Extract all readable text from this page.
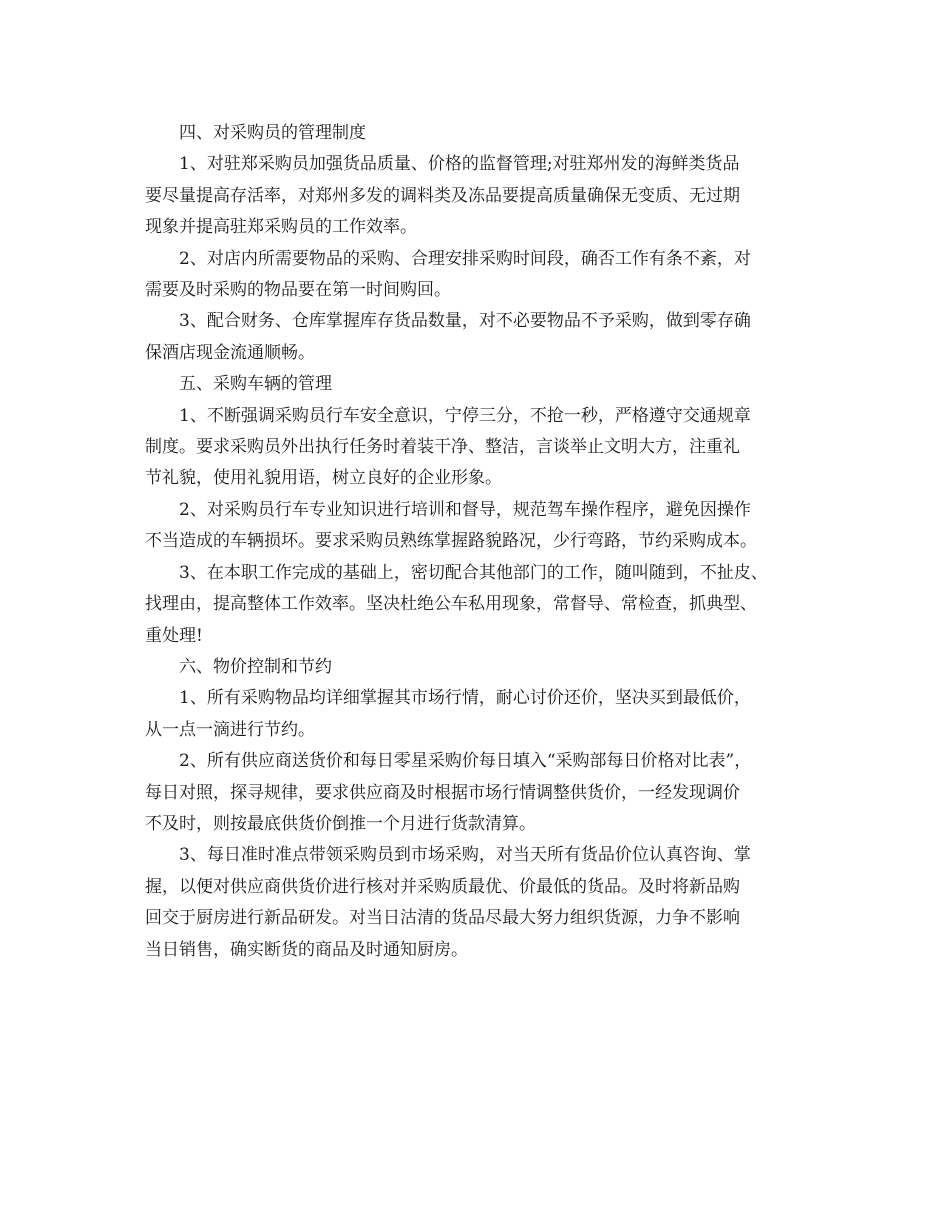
四、对采购员的管理制度

1、对驻郑采购员加强货品质量、价格的监督管理;对驻郑州发的海鲜类货品
要尽量提高存活率，对郑州多发的调料类及冻品要提高质量确保无变质、无过期
现象并提高驻郑采购员的工作效率。

2、对店内所需要物品的采购、合理安排采购时间段，确否工作有条不紊，对
需要及时采购的物品要在第一时间购回。

3、配合财务、仓库掌握库存货品数量，对不必要物品不予采购，做到零存确
保酒店现金流通顺畅。

五、采购车辆的管理

1、不断强调采购员行车安全意识，宁停三分，不抢一秒，严格遵守交通规章
制度。要求采购员外出执行任务时着装干净、整洁，言谈举止文明大方，注重礼
节礼貌，使用礼貌用语，树立良好的企业形象。

2、对采购员行车专业知识进行培训和督导，规范驾车操作程序，避免因操作
不当造成的车辆损坏。要求采购员熟练掌握路貌路况，少行弯路，节约采购成本。

3、在本职工作完成的基础上，密切配合其他部门的工作，随叫随到，不扯皮、
找理由，提高整体工作效率。坚决杜绝公车私用现象，常督导、常检查，抓典型、
重处理!

六、物价控制和节约

1、所有采购物品均详细掌握其市场行情，耐心讨价还价，坚决买到最低价，
从一点一滴进行节约。

2、所有供应商送货价和每日零星采购价每日填入“采购部每日价格对比表”，
每日对照，探寻规律，要求供应商及时根据市场行情调整供货价，一经发现调价
不及时，则按最底供货价倒推一个月进行货款清算。

3、每日准时准点带领采购员到市场采购，对当天所有货品价位认真咨询、掌
握，以便对供应商供货价进行核对并采购质最优、价最低的货品。及时将新品购
回交于厨房进行新品研发。对当日沽清的货品尽最大努力组织货源，力争不影响
当日销售，确实断货的商品及时通知厨房。
